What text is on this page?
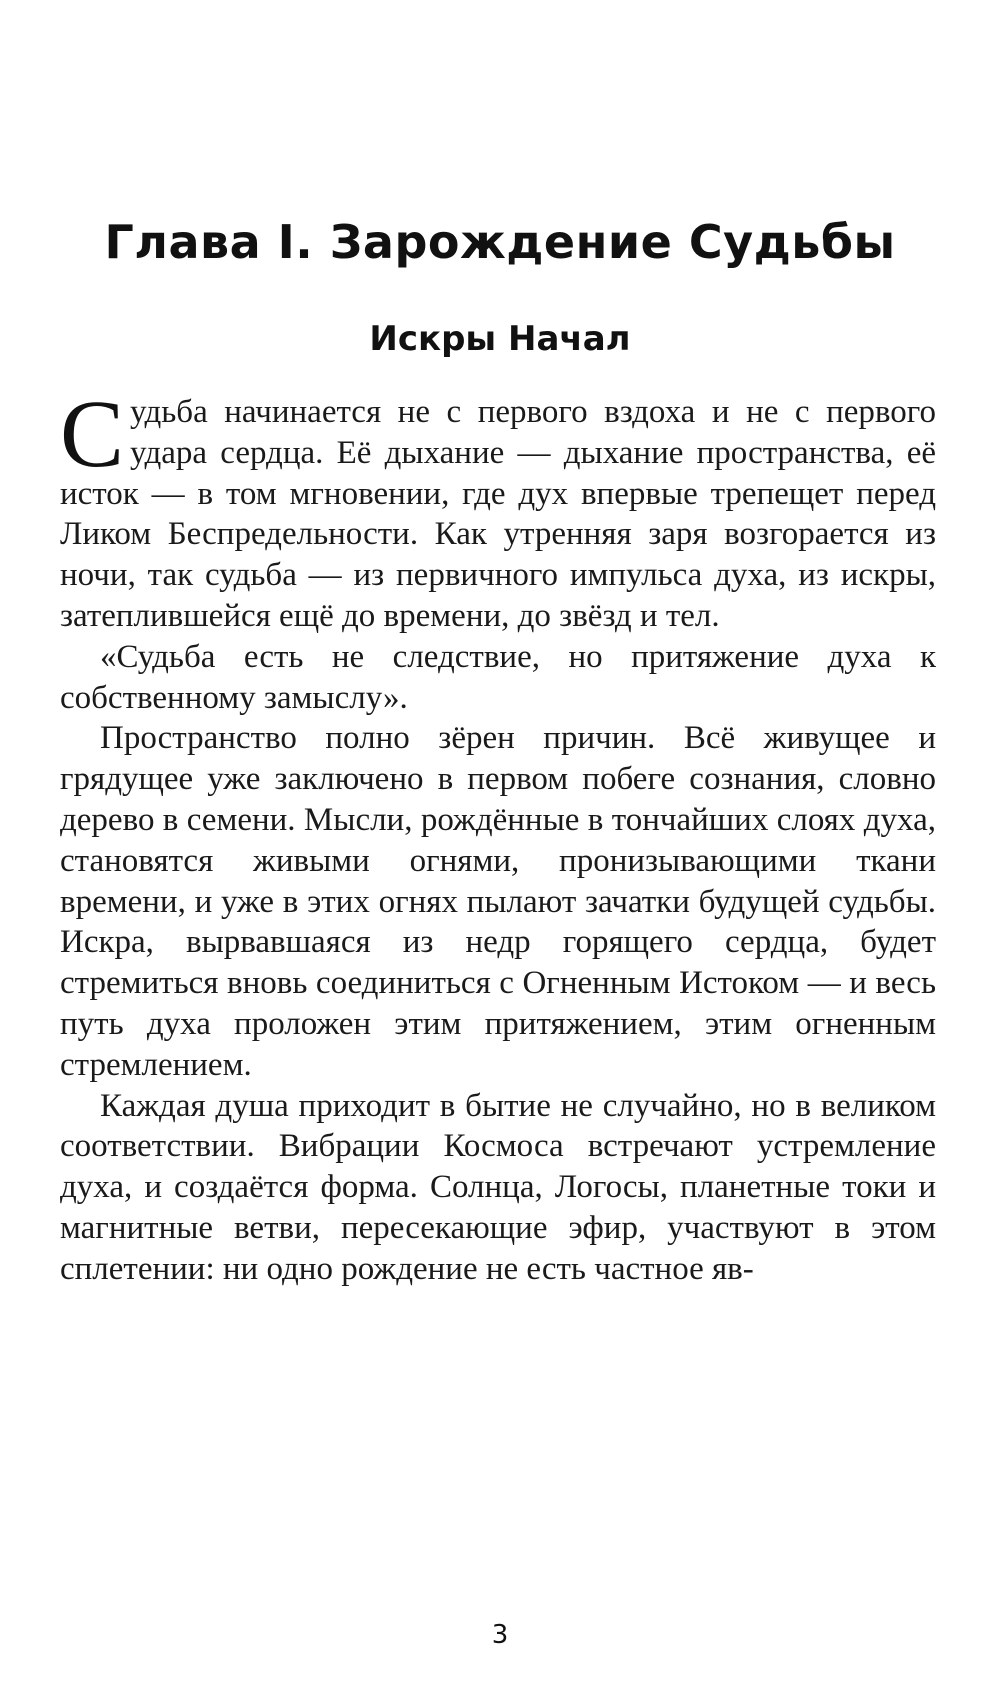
Глава I. Зарождение Судьбы
Искры Начал

Судьба начинается не с первого вздоха и не с первого удара сердца. Её дыхание — дыхание пространства, её исток — в том мгновении, где дух впервые трепещет перед Ликом Беспредельности. Как утренняя заря возгорается из ночи, так судьба — из первичного импульса духа, из искры, затеплившейся ещё до времени, до звёзд и тел.

«Судьба есть не следствие, но притяжение духа к собственному замыслу».

Пространство полно зёрен причин. Всё живущее и грядущее уже заключено в первом побеге сознания, словно дерево в семени. Мысли, рождённые в тончайших слоях духа, становятся живыми огнями, пронизывающими ткани времени, и уже в этих огнях пылают зачатки будущей судьбы. Искра, вырвавшаяся из недр горящего сердца, будет стремиться вновь соединиться с Огненным Истоком — и весь путь духа проложен этим притяжением, этим огненным стремлением.

Каждая душа приходит в бытие не случайно, но в великом соответствии. Вибрации Космоса встречают устремление духа, и создаётся форма. Солнца, Логосы, планетные токи и магнитные ветви, пересекающие эфир, участвуют в этом сплетении: ни одно рождение не есть частное яв-

3
